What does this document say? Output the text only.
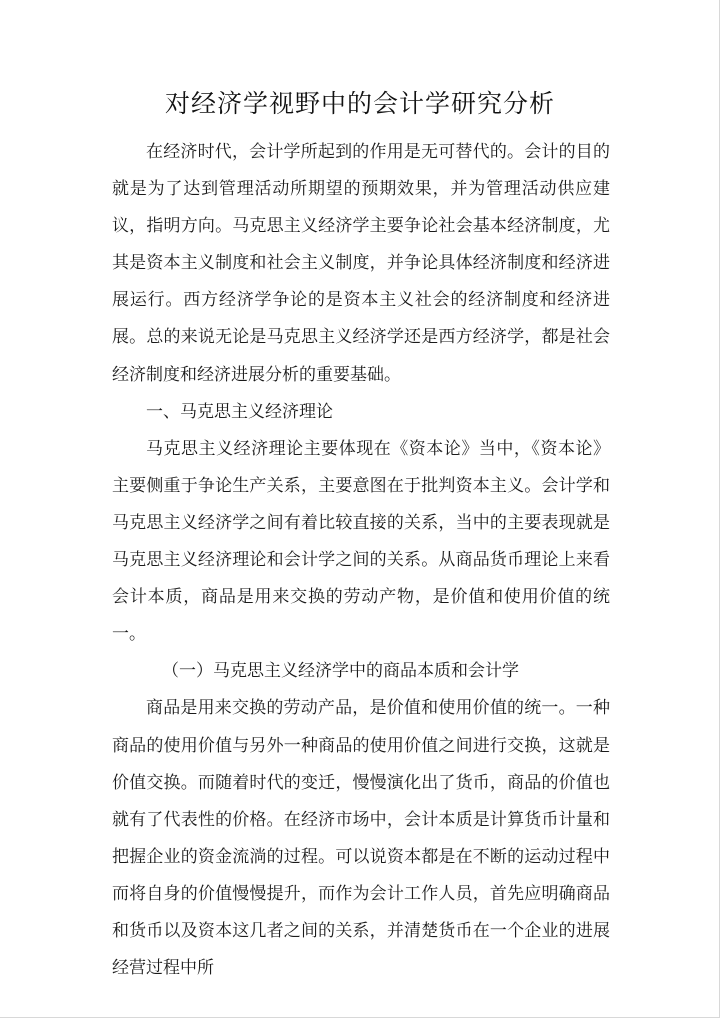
对经济学视野中的会计学研究分析

在经济时代，会计学所起到的作用是无可替代的。会计的目的就是为了达到管理活动所期望的预期效果，并为管理活动供应建议，指明方向。马克思主义经济学主要争论社会基本经济制度，尤其是资本主义制度和社会主义制度，并争论具体经济制度和经济进展运行。西方经济学争论的是资本主义社会的经济制度和经济进展。总的来说无论是马克思主义经济学还是西方经济学，都是社会经济制度和经济进展分析的重要基础。

一、马克思主义经济理论

马克思主义经济理论主要体现在《资本论》当中，《资本论》主要侧重于争论生产关系，主要意图在于批判资本主义。会计学和马克思主义经济学之间有着比较直接的关系，当中的主要表现就是马克思主义经济理论和会计学之间的关系。从商品货币理论上来看会计本质，商品是用来交换的劳动产物，是价值和使用价值的统一。

（一）马克思主义经济学中的商品本质和会计学

商品是用来交换的劳动产品，是价值和使用价值的统一。一种商品的使用价值与另外一种商品的使用价值之间进行交换，这就是价值交换。而随着时代的变迁，慢慢演化出了货币，商品的价值也就有了代表性的价格。在经济市场中，会计本质是计算货币计量和把握企业的资金流淌的过程。可以说资本都是在不断的运动过程中而将自身的价值慢慢提升，而作为会计工作人员，首先应明确商品和货币以及资本这几者之间的关系，并清楚货币在一个企业的进展经营过程中所
